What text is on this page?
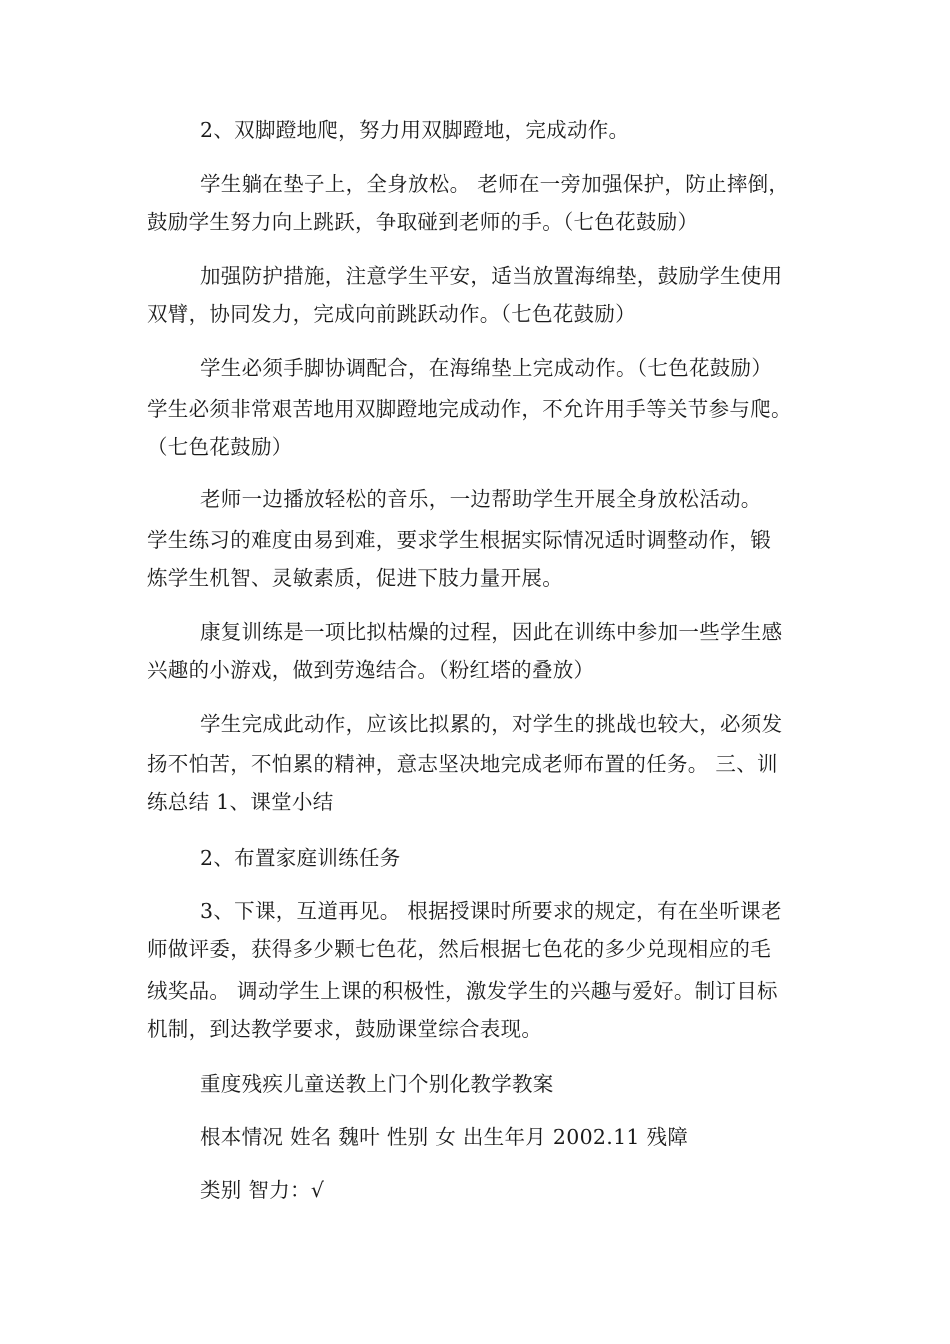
2、双脚蹬地爬，努力用双脚蹬地，完成动作。
学生躺在垫子上，全身放松。 老师在一旁加强保护，防止摔倒，
鼓励学生努力向上跳跃，争取碰到老师的手。（七色花鼓励）
加强防护措施，注意学生平安，适当放置海绵垫，鼓励学生使用
双臂，协同发力，完成向前跳跃动作。（七色花鼓励）
学生必须手脚协调配合，在海绵垫上完成动作。（七色花鼓励）
学生必须非常艰苦地用双脚蹬地完成动作，不允许用手等关节参与爬。
（七色花鼓励）
老师一边播放轻松的音乐，一边帮助学生开展全身放松活动。
学生练习的难度由易到难，要求学生根据实际情况适时调整动作，锻
炼学生机智、灵敏素质，促进下肢力量开展。
康复训练是一项比拟枯燥的过程，因此在训练中参加一些学生感
兴趣的小游戏，做到劳逸结合。（粉红塔的叠放）
学生完成此动作，应该比拟累的，对学生的挑战也较大，必须发
扬不怕苦，不怕累的精神，意志坚决地完成老师布置的任务。 三、训
练总结 1、课堂小结
2、布置家庭训练任务
3、下课，互道再见。 根据授课时所要求的规定，有在坐听课老
师做评委，获得多少颗七色花，然后根据七色花的多少兑现相应的毛
绒奖品。 调动学生上课的积极性，激发学生的兴趣与爱好。制订目标
机制，到达教学要求，鼓励课堂综合表现。
重度残疾儿童送教上门个别化教学教案
根本情况 姓名 魏叶 性别 女 出生年月 2002.11 残障
类别 智力：√
